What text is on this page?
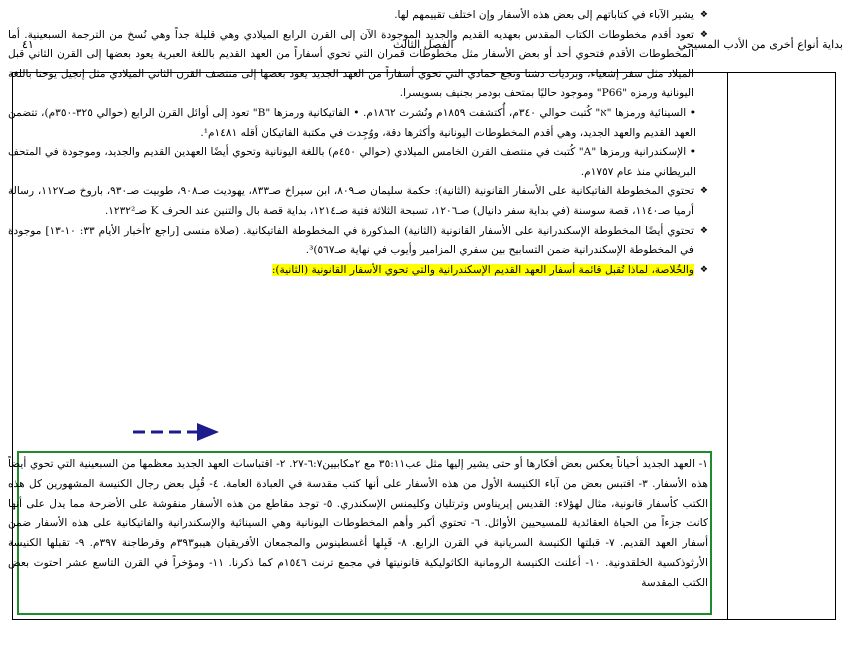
٤١	الفصل الثالث	بداية أنواع أخرى من الأدب المسيحي

❖ يشير الآباء في كتاباتهم إلى بعض هذه الأسفار وإن اختلف تقييمهم لها.

❖ تعود أقدم مخطوطات الكتاب المقدس بعهديه القديم والجديد الموجودة الآن إلى القرن الرابع الميلادي وهي قليلة جداً وهي نُسخ من الترجمة السبعينية. أما المخطوطات الأقدم فتحوي أحد أو بعض الأسفار مثل مخطوطات قمران التي تحوي أسفاراً من العهد القديم باللغة العبرية يعود بعضها إلى القرن الثاني قبل الميلاد مثل سفر إشعياء، وبرديات دشنا ونجع حمادي التي تحوي أسفاراً من العهد الجديد يعود بعضها إلى منتصف القرن الثاني الميلادي مثل إنجيل يوحنا باللغة اليونانية ورمزه "P66" وموجود حاليًا بمتحف بودمر بجنيف بسويسرا.

• السينائية ورمزها "א" كُتبت حوالي ٣٤٠م، أُكتشفت ١٨٥٩م ونُشرت ١٨٦٢م. • الفاتيكانية ورمزها "B" تعود إلى أوائل القرن الرابع (حوالي ٣٢٥-٣٥٠م)، تتضمن العهد القديم والعهد الجديد، وهي أقدم المخطوطات اليونانية وأكثرها دقة، ووُجِدت في مكتبة الفاتيكان أقله ١٤٨١م¹.

• الإسكندرانية ورمزها "A" كُتبت في منتصف القرن الخامس الميلادي (حوالي ٤٥٠م) باللغة اليونانية وتحوي أيضًا العهدين القديم والجديد، وموجودة في المتحف البريطاني منذ عام ١٧٥٧م.

❖ تحتوي المخطوطة الفاتيكانية على الأسفار القانونية (الثانية): حكمة سليمان صـ٨٠٩، ابن سيراخ صـ٨٣٣، يهوديت صـ٩٠٨، طوبيت صـ٩٣٠، باروخ صـ١١٢٧، رسالة أرميا صـ١١٤٠، قصة سوسنة (في بداية سفر دانيال) صـ١٢٠٦، تسبحة الثلاثة فتية صـ١٢١٤، بداية قصة بال والتنين عند الحرف K صـ١٢٣٢².

❖ تحتوي أيضًا المخطوطة الإسكندرانية على الأسفار القانونية (الثانية) المذكورة في المخطوطة الفاتيكانية. (صلاة منسى [راجع ٢أخبار الأيام ٣٣: ١٠-١٣] موجودة في المخطوطة الإسكندرانية ضمن التسابيح بين سفري المزامير وأيوب في نهاية صـ٥٦٧)³.

❖ والخُلاصة، لماذا تُقبل قائمة أسفار العهد القديم الإسكندرانية والتي تحوي الأسفار القانونية (الثانية):

١- العهد الجديد أحياناً يعكس بعض أفكارها أو حتى يشير إليها مثل عب٣٥:١١ مع ٢مكابيين٦:٧-٢٧. ٢- اقتباسات العهد الجديد معظمها من السبعينية التي تحوي أيضاً هذه الأسفار. ٣- اقتبس بعض من آباء الكنيسة الأول من هذه الأسفار على أنها كتب مقدسة في العبادة العامة. ٤- قُبِل بعض رجال الكنيسة المشهورين كل هذه الكتب كأسفار قانونية، مثال لهؤلاء: القديس إيريناوس وترتليان وكليمنس الإسكندري. ٥- توجد مقاطع من هذه الأسفار منقوشة على الأضرحة مما يدل على أنها كانت جزءاً من الحياة العقائدية للمسيحيين الأوائل. ٦- تحتوي أكبر وأهم المخطوطات اليونانية وهي السينائية والإسكندرانية والفاتيكانية على هذه الأسفار ضمن أسفار العهد القديم. ٧- قبلتها الكنيسة السريانية في القرن الرابع. ٨- قَبِلها أغسطينوس والمجمعان الأفريقيان هيبو٣٩٣م وقرطاجنة ٣٩٧م. ٩- تقبلها الكنيسة الأرثوذكسية الخلقدونية. ١٠- أعلنت الكنيسة الرومانية الكاثوليكية قانونيتها في مجمع ترنت ١٥٤٦م كما ذكرنا. ١١- ومؤخراً في القرن التاسع عشر احتوت بعض الكتب المقدسة
